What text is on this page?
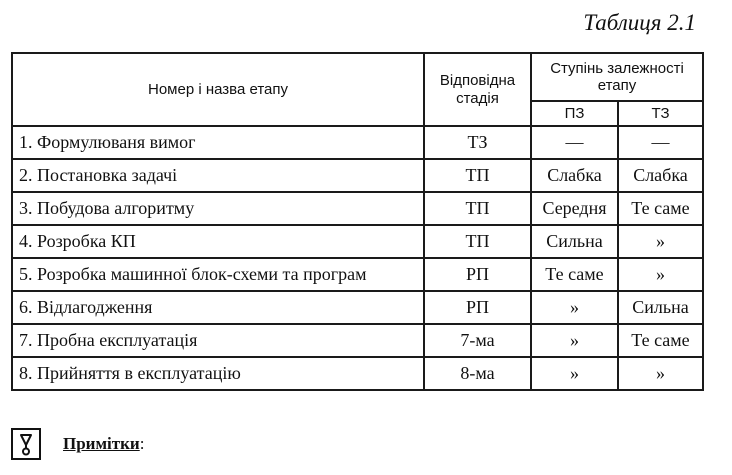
Таблиця 2.1
Номер і назва етапу	Відповідна стадія	Ступінь залежності етапу	
		ПЗ	ТЗ
1. Формулюваня вимог	ТЗ	—	—
2. Постановка задачі	ТП	Слабка	Слабка
3. Побудова алгоритму	ТП	Середня	Те саме
4. Розробка КП	ТП	Сильна	»
5. Розробка машинної блок-схеми та програм	РП	Те саме	»
6. Відлагодження	РП	»	Сильна
7. Пробна експлуатація	7-ма	»	Те саме
8. Прийняття в експлуатацію	8-ма	»	»
Примітки :
